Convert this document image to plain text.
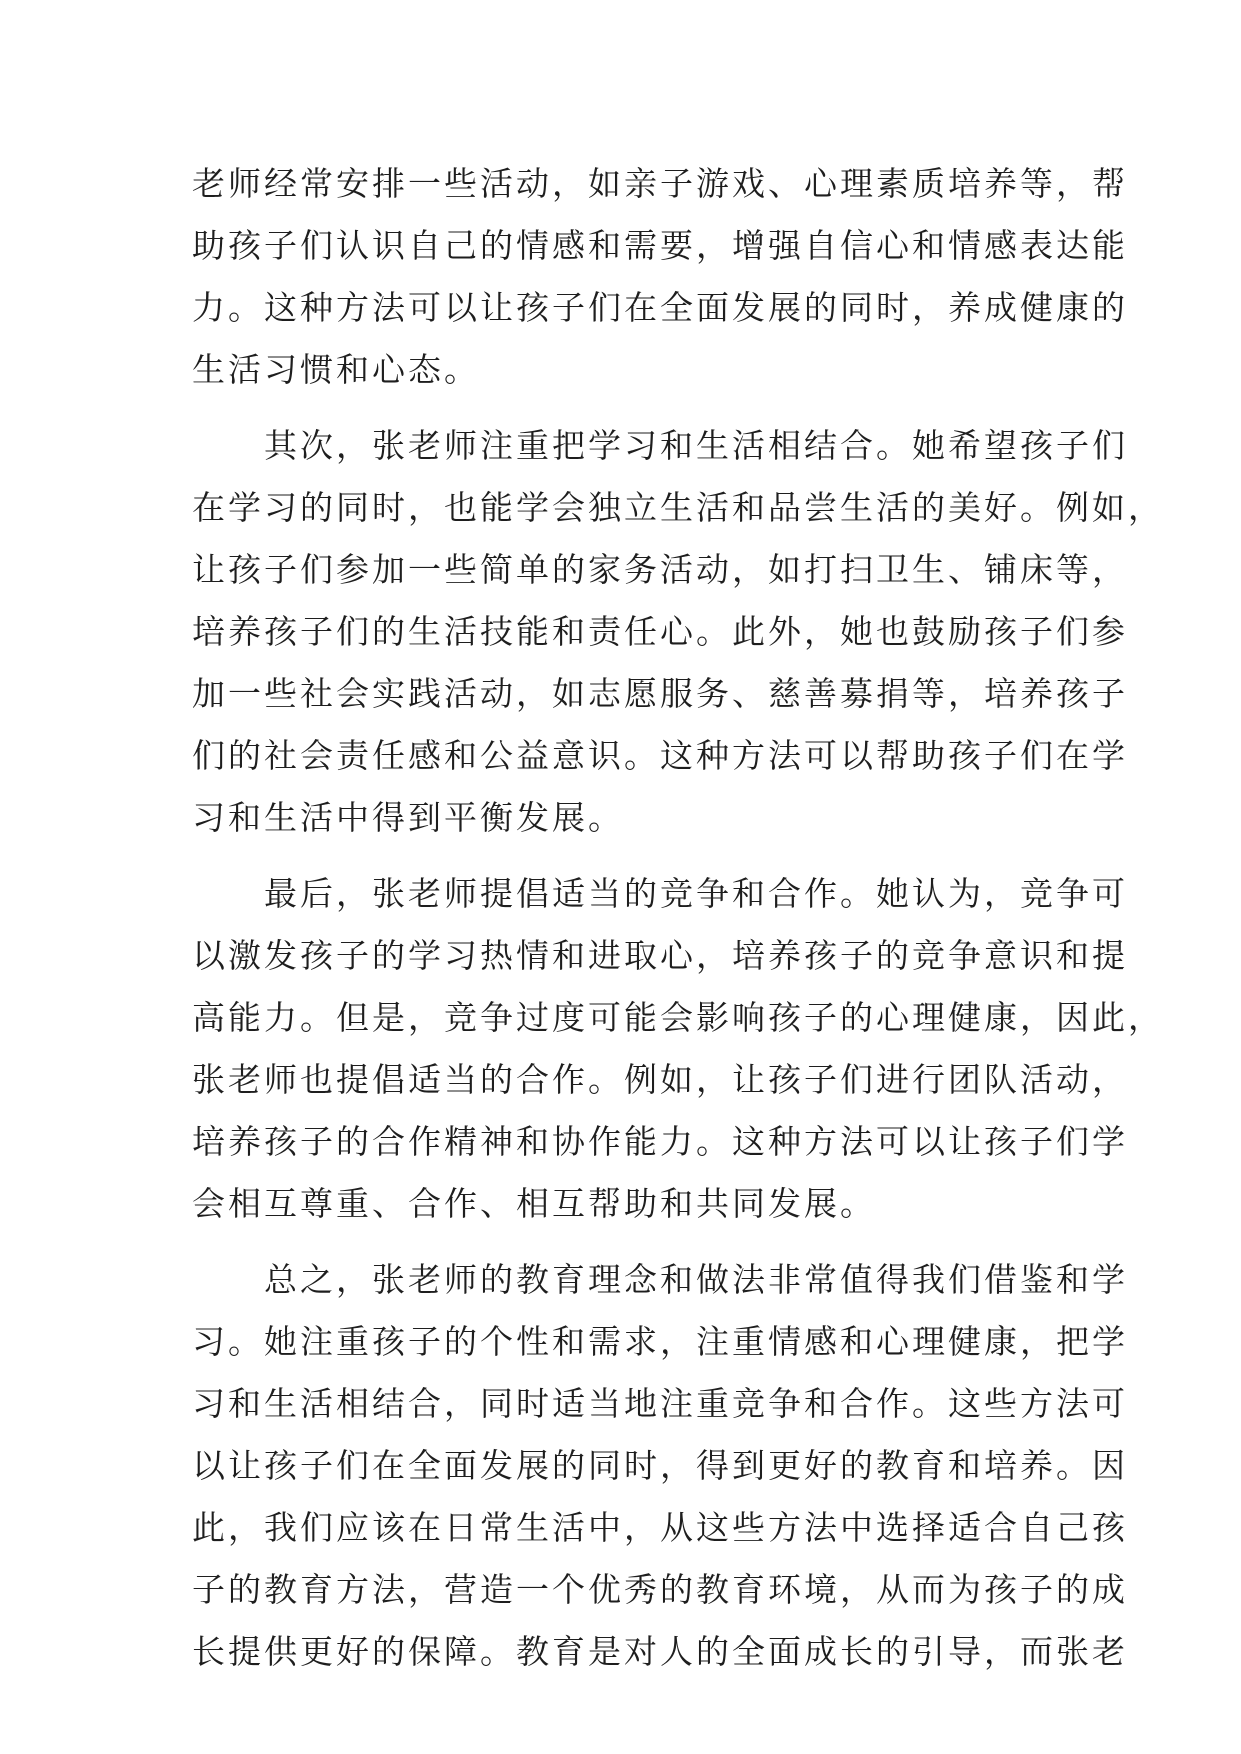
老师经常安排一些活动，如亲子游戏、心理素质培养等，帮
助孩子们认识自己的情感和需要，增强自信心和情感表达能
力。这种方法可以让孩子们在全面发展的同时，养成健康的
生活习惯和心态。
　　其次，张老师注重把学习和生活相结合。她希望孩子们
在学习的同时，也能学会独立生活和品尝生活的美好。例如，
让孩子们参加一些简单的家务活动，如打扫卫生、铺床等，
培养孩子们的生活技能和责任心。此外，她也鼓励孩子们参
加一些社会实践活动，如志愿服务、慈善募捐等，培养孩子
们的社会责任感和公益意识。这种方法可以帮助孩子们在学
习和生活中得到平衡发展。
　　最后，张老师提倡适当的竞争和合作。她认为，竞争可
以激发孩子的学习热情和进取心，培养孩子的竞争意识和提
高能力。但是，竞争过度可能会影响孩子的心理健康，因此，
张老师也提倡适当的合作。例如，让孩子们进行团队活动，
培养孩子的合作精神和协作能力。这种方法可以让孩子们学
会相互尊重、合作、相互帮助和共同发展。
　　总之，张老师的教育理念和做法非常值得我们借鉴和学
习。她注重孩子的个性和需求，注重情感和心理健康，把学
习和生活相结合，同时适当地注重竞争和合作。这些方法可
以让孩子们在全面发展的同时，得到更好的教育和培养。因
此，我们应该在日常生活中，从这些方法中选择适合自己孩
子的教育方法，营造一个优秀的教育环境，从而为孩子的成
长提供更好的保障。教育是对人的全面成长的引导，而张老
